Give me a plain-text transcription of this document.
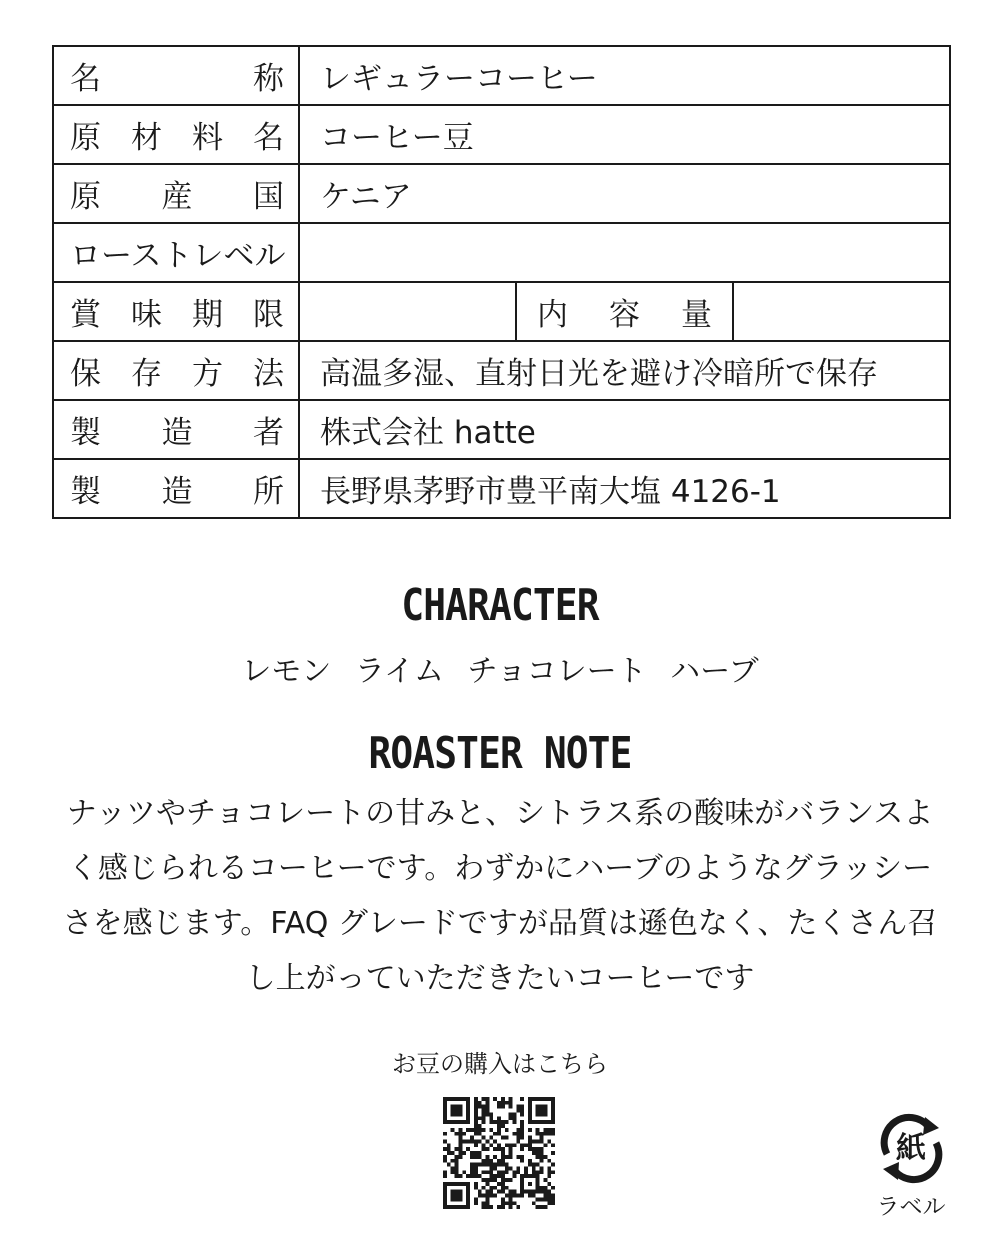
名称	レギュラーコーヒー		
原材料名	コーヒー豆		
原産国	ケニア		
ローストレベル			
賞味期限		内容量	
保存方法	高温多湿、直射日光を避け冷暗所で保存		
製造者	株式会社 hatte		
製造所	長野県茅野市豊平南大塩 4126-1		
CHARACTER
レモン ライム チョコレート ハーブ
ROASTER NOTE
ナッツやチョコレートの甘みと、シトラス系の酸味がバランスよ
く感じられるコーヒーです。わずかにハーブのようなグラッシー
さを感じます。FAQ グレードですが品質は遜色なく、たくさん召
し上がっていただきたいコーヒーです
お豆の購入はこちら
紙
ラベル
